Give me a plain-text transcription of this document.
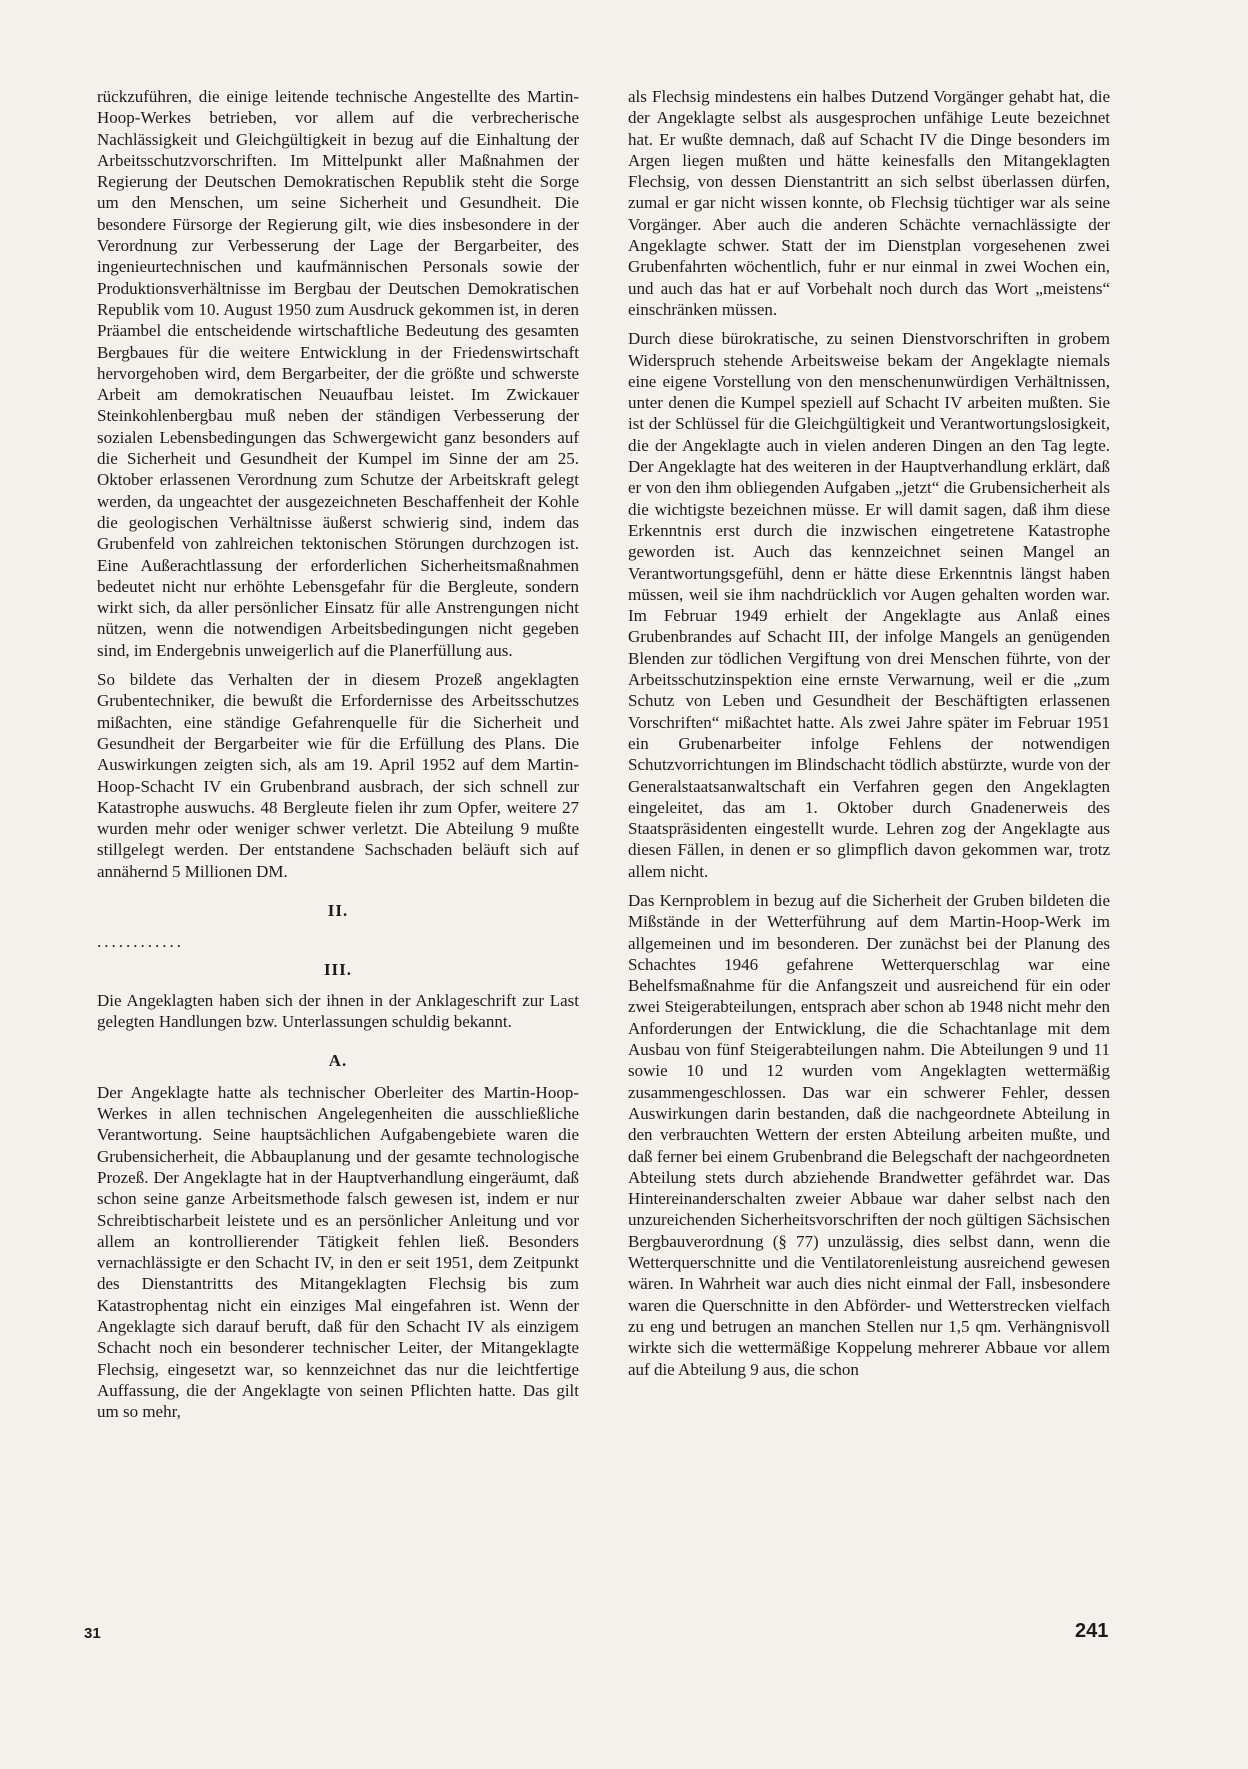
rückzuführen, die einige leitende technische Angestellte des Martin-Hoop-Werkes betrieben, vor allem auf die verbrecherische Nachlässigkeit und Gleichgültigkeit in bezug auf die Einhaltung der Arbeitsschutzvorschriften. Im Mittelpunkt aller Maßnahmen der Regierung der Deutschen Demokratischen Republik steht die Sorge um den Menschen, um seine Sicherheit und Gesundheit. Die besondere Fürsorge der Regierung gilt, wie dies insbesondere in der Verordnung zur Verbesserung der Lage der Bergarbeiter, des ingenieurtechnischen und kaufmännischen Personals sowie der Produktionsverhältnisse im Bergbau der Deutschen Demokratischen Republik vom 10. August 1950 zum Ausdruck gekommen ist, in deren Präambel die entscheidende wirtschaftliche Bedeutung des gesamten Bergbaues für die weitere Entwicklung in der Friedenswirtschaft hervorgehoben wird, dem Bergarbeiter, der die größte und schwerste Arbeit am demokratischen Neuaufbau leistet. Im Zwickauer Steinkohlenbergbau muß neben der ständigen Verbesserung der sozialen Lebensbedingungen das Schwergewicht ganz besonders auf die Sicherheit und Gesundheit der Kumpel im Sinne der am 25. Oktober erlassenen Verordnung zum Schutze der Arbeitskraft gelegt werden, da ungeachtet der ausgezeichneten Beschaffenheit der Kohle die geologischen Verhältnisse äußerst schwierig sind, indem das Grubenfeld von zahlreichen tektonischen Störungen durchzogen ist. Eine Außerachtlassung der erforderlichen Sicherheitsmaßnahmen bedeutet nicht nur erhöhte Lebensgefahr für die Bergleute, sondern wirkt sich, da aller persönlicher Einsatz für alle Anstrengungen nicht nützen, wenn die notwendigen Arbeitsbedingungen nicht gegeben sind, im Endergebnis unweigerlich auf die Planerfüllung aus.

So bildete das Verhalten der in diesem Prozeß angeklagten Grubentechniker, die bewußt die Erfordernisse des Arbeitsschutzes mißachten, eine ständige Gefahrenquelle für die Sicherheit und Gesundheit der Bergarbeiter wie für die Erfüllung des Plans. Die Auswirkungen zeigten sich, als am 19. April 1952 auf dem Martin-Hoop-Schacht IV ein Grubenbrand ausbrach, der sich schnell zur Katastrophe auswuchs. 48 Bergleute fielen ihr zum Opfer, weitere 27 wurden mehr oder weniger schwer verletzt. Die Abteilung 9 mußte stillgelegt werden. Der entstandene Sachschaden beläuft sich auf annähernd 5 Millionen DM.

II.
............
III.

Die Angeklagten haben sich der ihnen in der Anklageschrift zur Last gelegten Handlungen bzw. Unterlassungen schuldig bekannt.

A.

Der Angeklagte hatte als technischer Oberleiter des Martin-Hoop-Werkes in allen technischen Angelegenheiten die ausschließliche Verantwortung. Seine hauptsächlichen Aufgabengebiete waren die Grubensicherheit, die Abbauplanung und der gesamte technologische Prozeß. Der Angeklagte hat in der Hauptverhandlung eingeräumt, daß schon seine ganze Arbeitsmethode falsch gewesen ist, indem er nur Schreibtischarbeit leistete und es an persönlicher Anleitung und vor allem an kontrollierender Tätigkeit fehlen ließ. Besonders vernachlässigte er den Schacht IV, in den er seit 1951, dem Zeitpunkt des Dienstantritts des Mitangeklagten Flechsig bis zum Katastrophentag nicht ein einziges Mal eingefahren ist. Wenn der Angeklagte sich darauf beruft, daß für den Schacht IV als einzigem Schacht noch ein besonderer technischer Leiter, der Mitangeklagte Flechsig, eingesetzt war, so kennzeichnet das nur die leichtfertige Auffassung, die der Angeklagte von seinen Pflichten hatte. Das gilt um so mehr,

als Flechsig mindestens ein halbes Dutzend Vorgänger gehabt hat, die der Angeklagte selbst als ausgesprochen unfähige Leute bezeichnet hat. Er wußte demnach, daß auf Schacht IV die Dinge besonders im Argen liegen mußten und hätte keinesfalls den Mitangeklagten Flechsig, von dessen Dienstantritt an sich selbst überlassen dürfen, zumal er gar nicht wissen konnte, ob Flechsig tüchtiger war als seine Vorgänger. Aber auch die anderen Schächte vernachlässigte der Angeklagte schwer. Statt der im Dienstplan vorgesehenen zwei Grubenfahrten wöchentlich, fuhr er nur einmal in zwei Wochen ein, und auch das hat er auf Vorbehalt noch durch das Wort „meistens“ einschränken müssen.

Durch diese bürokratische, zu seinen Dienstvorschriften in grobem Widerspruch stehende Arbeitsweise bekam der Angeklagte niemals eine eigene Vorstellung von den menschenunwürdigen Verhältnissen, unter denen die Kumpel speziell auf Schacht IV arbeiten mußten. Sie ist der Schlüssel für die Gleichgültigkeit und Verantwortungslosigkeit, die der Angeklagte auch in vielen anderen Dingen an den Tag legte. Der Angeklagte hat des weiteren in der Hauptverhandlung erklärt, daß er von den ihm obliegenden Aufgaben „jetzt“ die Grubensicherheit als die wichtigste bezeichnen müsse. Er will damit sagen, daß ihm diese Erkenntnis erst durch die inzwischen eingetretene Katastrophe geworden ist. Auch das kennzeichnet seinen Mangel an Verantwortungsgefühl, denn er hätte diese Erkenntnis längst haben müssen, weil sie ihm nachdrücklich vor Augen gehalten worden war. Im Februar 1949 erhielt der Angeklagte aus Anlaß eines Grubenbrandes auf Schacht III, der infolge Mangels an genügenden Blenden zur tödlichen Vergiftung von drei Menschen führte, von der Arbeitsschutzinspektion eine ernste Verwarnung, weil er die „zum Schutz von Leben und Gesundheit der Beschäftigten erlassenen Vorschriften“ mißachtet hatte. Als zwei Jahre später im Februar 1951 ein Grubenarbeiter infolge Fehlens der notwendigen Schutzvorrichtungen im Blindschacht tödlich abstürzte, wurde von der Generalstaatsanwaltschaft ein Verfahren gegen den Angeklagten eingeleitet, das am 1. Oktober durch Gnadenerweis des Staatspräsidenten eingestellt wurde. Lehren zog der Angeklagte aus diesen Fällen, in denen er so glimpflich davon gekommen war, trotz allem nicht.

Das Kernproblem in bezug auf die Sicherheit der Gruben bildeten die Mißstände in der Wetterführung auf dem Martin-Hoop-Werk im allgemeinen und im besonderen. Der zunächst bei der Planung des Schachtes 1946 gefahrene Wetterquerschlag war eine Behelfsmaßnahme für die Anfangszeit und ausreichend für ein oder zwei Steigerabteilungen, entsprach aber schon ab 1948 nicht mehr den Anforderungen der Entwicklung, die die Schachtanlage mit dem Ausbau von fünf Steigerabteilungen nahm. Die Abteilungen 9 und 11 sowie 10 und 12 wurden vom Angeklagten wettermäßig zusammengeschlossen. Das war ein schwerer Fehler, dessen Auswirkungen darin bestanden, daß die nachgeordnete Abteilung in den verbrauchten Wettern der ersten Abteilung arbeiten mußte, und daß ferner bei einem Grubenbrand die Belegschaft der nachgeordneten Abteilung stets durch abziehende Brandwetter gefährdet war. Das Hintereinanderschalten zweier Abbaue war daher selbst nach den unzureichenden Sicherheitsvorschriften der noch gültigen Sächsischen Bergbauverordnung (§ 77) unzulässig, dies selbst dann, wenn die Wetterquerschnitte und die Ventilatorenleistung ausreichend gewesen wären. In Wahrheit war auch dies nicht einmal der Fall, insbesondere waren die Querschnitte in den Abförder- und Wetterstrecken vielfach zu eng und betrugen an manchen Stellen nur 1,5 qm. Verhängnisvoll wirkte sich die wettermäßige Koppelung mehrerer Abbaue vor allem auf die Abteilung 9 aus, die schon

31	241
